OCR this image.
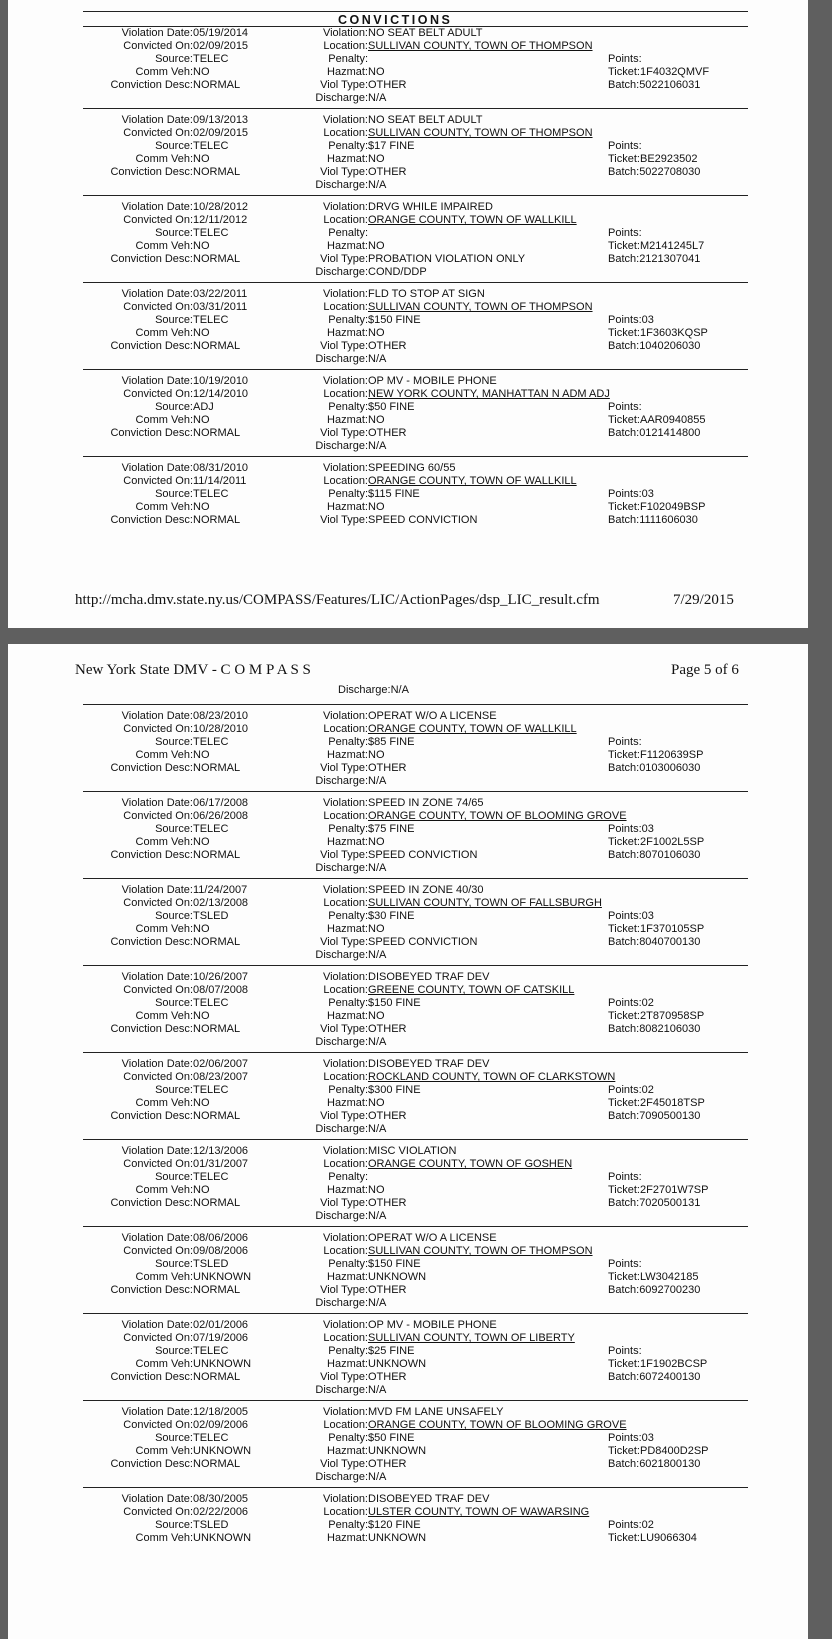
CONVICTIONS
Violation Date: 05/19/2014
Convicted On: 02/09/2015
Source: TELEC
Comm Veh: NO
Conviction Desc: NORMAL
Violation: NO SEAT BELT ADULT
Location: SULLIVAN COUNTY, TOWN OF THOMPSON
Penalty:
Hazmat: NO
Viol Type: OTHER
Discharge: N/A
Points:
Ticket:1F4032QMVF
Batch:5022106031
Violation Date: 09/13/2013
Convicted On: 02/09/2015
Source: TELEC
Comm Veh: NO
Conviction Desc: NORMAL
Violation: NO SEAT BELT ADULT
Location: SULLIVAN COUNTY, TOWN OF THOMPSON
Penalty: $17 FINE
Hazmat: NO
Viol Type: OTHER
Discharge: N/A
Points:
Ticket:BE2923502
Batch:5022708030
Violation Date: 10/28/2012
Convicted On: 12/11/2012
Source: TELEC
Comm Veh: NO
Conviction Desc: NORMAL
Violation: DRVG WHILE IMPAIRED
Location: ORANGE COUNTY, TOWN OF WALLKILL
Penalty:
Hazmat: NO
Viol Type: PROBATION VIOLATION ONLY
Discharge: COND/DDP
Points:
Ticket:M2141245L7
Batch:2121307041
Violation Date: 03/22/2011
Convicted On: 03/31/2011
Source: TELEC
Comm Veh: NO
Conviction Desc: NORMAL
Violation: FLD TO STOP AT SIGN
Location: SULLIVAN COUNTY, TOWN OF THOMPSON
Penalty: $150 FINE
Hazmat: NO
Viol Type: OTHER
Discharge: N/A
Points:03
Ticket:1F3603KQSP
Batch:1040206030
Violation Date: 10/19/2010
Convicted On: 12/14/2010
Source: ADJ
Comm Veh: NO
Conviction Desc: NORMAL
Violation: OP MV - MOBILE PHONE
Location: NEW YORK COUNTY, MANHATTAN N ADM ADJ
Penalty: $50 FINE
Hazmat: NO
Viol Type: OTHER
Discharge: N/A
Points:
Ticket:AAR0940855
Batch:0121414800
Violation Date: 08/31/2010
Convicted On: 11/14/2011
Source: TELEC
Comm Veh: NO
Conviction Desc: NORMAL
Violation: SPEEDING 60/55
Location: ORANGE COUNTY, TOWN OF WALLKILL
Penalty: $115 FINE
Hazmat: NO
Viol Type: SPEED CONVICTION
Points:03
Ticket:F102049BSP
Batch:1111606030
http://mcha.dmv.state.ny.us/COMPASS/Features/LIC/ActionPages/dsp_LIC_result.cfm	7/29/2015
New York State DMV - C O M P A S S	Page 5 of 6
Discharge:N/A
Violation Date: 08/23/2010
Convicted On: 10/28/2010
Source: TELEC
Comm Veh: NO
Conviction Desc: NORMAL
Violation: OPERAT W/O A LICENSE
Location: ORANGE COUNTY, TOWN OF WALLKILL
Penalty: $85 FINE
Hazmat: NO
Viol Type: OTHER
Discharge: N/A
Points:
Ticket:F1120639SP
Batch:0103006030
Violation Date: 06/17/2008
Convicted On: 06/26/2008
Source: TELEC
Comm Veh: NO
Conviction Desc: NORMAL
Violation: SPEED IN ZONE 74/65
Location: ORANGE COUNTY, TOWN OF BLOOMING GROVE
Penalty: $75 FINE
Hazmat: NO
Viol Type: SPEED CONVICTION
Discharge: N/A
Points:03
Ticket:2F1002L5SP
Batch:8070106030
Violation Date: 11/24/2007
Convicted On: 02/13/2008
Source: TSLED
Comm Veh: NO
Conviction Desc: NORMAL
Violation: SPEED IN ZONE 40/30
Location: SULLIVAN COUNTY, TOWN OF FALLSBURGH
Penalty: $30 FINE
Hazmat: NO
Viol Type: SPEED CONVICTION
Discharge: N/A
Points:03
Ticket:1F370105SP
Batch:8040700130
Violation Date: 10/26/2007
Convicted On: 08/07/2008
Source: TELEC
Comm Veh: NO
Conviction Desc: NORMAL
Violation: DISOBEYED TRAF DEV
Location: GREENE COUNTY, TOWN OF CATSKILL
Penalty: $150 FINE
Hazmat: NO
Viol Type: OTHER
Discharge: N/A
Points:02
Ticket:2T870958SP
Batch:8082106030
Violation Date: 02/06/2007
Convicted On: 08/23/2007
Source: TELEC
Comm Veh: NO
Conviction Desc: NORMAL
Violation: DISOBEYED TRAF DEV
Location: ROCKLAND COUNTY, TOWN OF CLARKSTOWN
Penalty: $300 FINE
Hazmat: NO
Viol Type: OTHER
Discharge: N/A
Points:02
Ticket:2F45018TSP
Batch:7090500130
Violation Date: 12/13/2006
Convicted On: 01/31/2007
Source: TELEC
Comm Veh: NO
Conviction Desc: NORMAL
Violation: MISC VIOLATION
Location: ORANGE COUNTY, TOWN OF GOSHEN
Penalty:
Hazmat: NO
Viol Type: OTHER
Discharge: N/A
Points:
Ticket:2F2701W7SP
Batch:7020500131
Violation Date: 08/06/2006
Convicted On: 09/08/2006
Source: TSLED
Comm Veh: UNKNOWN
Conviction Desc: NORMAL
Violation: OPERAT W/O A LICENSE
Location: SULLIVAN COUNTY, TOWN OF THOMPSON
Penalty: $150 FINE
Hazmat: UNKNOWN
Viol Type: OTHER
Discharge: N/A
Points:
Ticket:LW3042185
Batch:6092700230
Violation Date: 02/01/2006
Convicted On: 07/19/2006
Source: TELEC
Comm Veh: UNKNOWN
Conviction Desc: NORMAL
Violation: OP MV - MOBILE PHONE
Location: SULLIVAN COUNTY, TOWN OF LIBERTY
Penalty: $25 FINE
Hazmat: UNKNOWN
Viol Type: OTHER
Discharge: N/A
Points:
Ticket:1F1902BCSP
Batch:6072400130
Violation Date: 12/18/2005
Convicted On: 02/09/2006
Source: TELEC
Comm Veh: UNKNOWN
Conviction Desc: NORMAL
Violation: MVD FM LANE UNSAFELY
Location: ORANGE COUNTY, TOWN OF BLOOMING GROVE
Penalty: $50 FINE
Hazmat: UNKNOWN
Viol Type: OTHER
Discharge: N/A
Points:03
Ticket:PD8400D2SP
Batch:6021800130
Violation Date: 08/30/2005
Convicted On: 02/22/2006
Source: TSLED
Comm Veh: UNKNOWN
Violation: DISOBEYED TRAF DEV
Location: ULSTER COUNTY, TOWN OF WAWARSING
Penalty: $120 FINE
Hazmat: UNKNOWN
Points:02
Ticket:LU9066304
